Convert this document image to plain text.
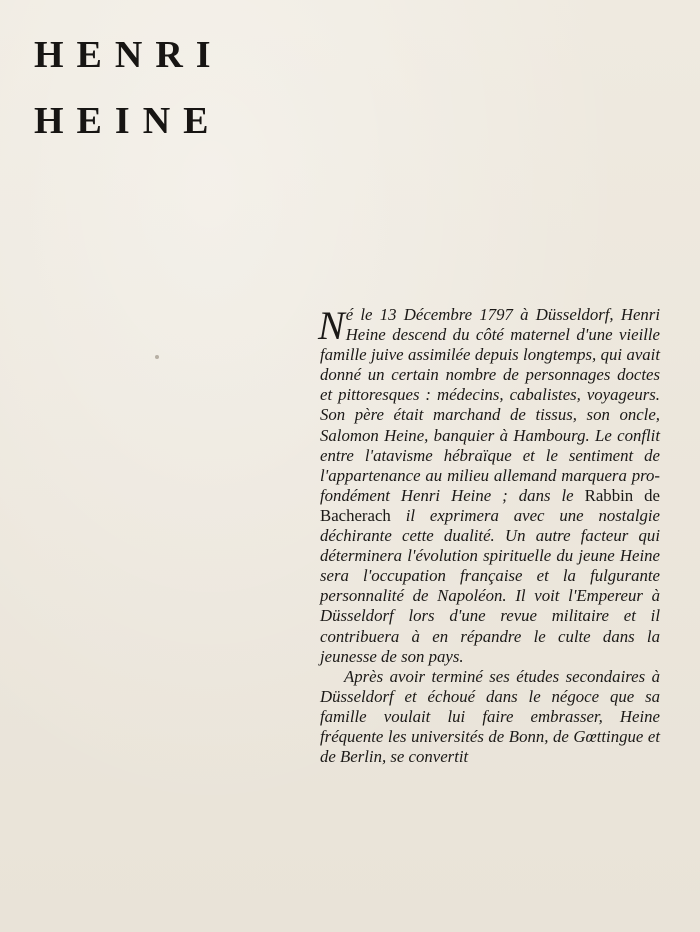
HENRI
HEINE

Né le 13 Décembre 1797 à Düsseldorf, Henri Heine descend du côté maternel d'une vieille famille juive assimilée depuis longtemps, qui avait donné un certain nombre de personnages doctes et pittoresques : médecins, cabalistes, voyageurs. Son père était marchand de tissus, son oncle, Salomon Heine, banquier à Hambourg. Le conflit entre l'atavisme hébraïque et le sentiment de l'appartenance au milieu allemand marquera profondément Henri Heine ; dans le Rabbin de Bacherach il exprimera avec une nostalgie déchirante cette dualité. Un autre facteur qui déterminera l'évolution spirituelle du jeune Heine sera l'occupation française et la fulgurante personnalité de Napoléon. Il voit l'Empereur à Düsseldorf lors d'une revue militaire et il contribuera à en répandre le culte dans la jeunesse de son pays.

Après avoir terminé ses études secondaires à Düsseldorf et échoué dans le négoce que sa famille voulait lui faire embrasser, Heine fréquente les universités de Bonn, de Gœttingue et de Berlin, se convertit
